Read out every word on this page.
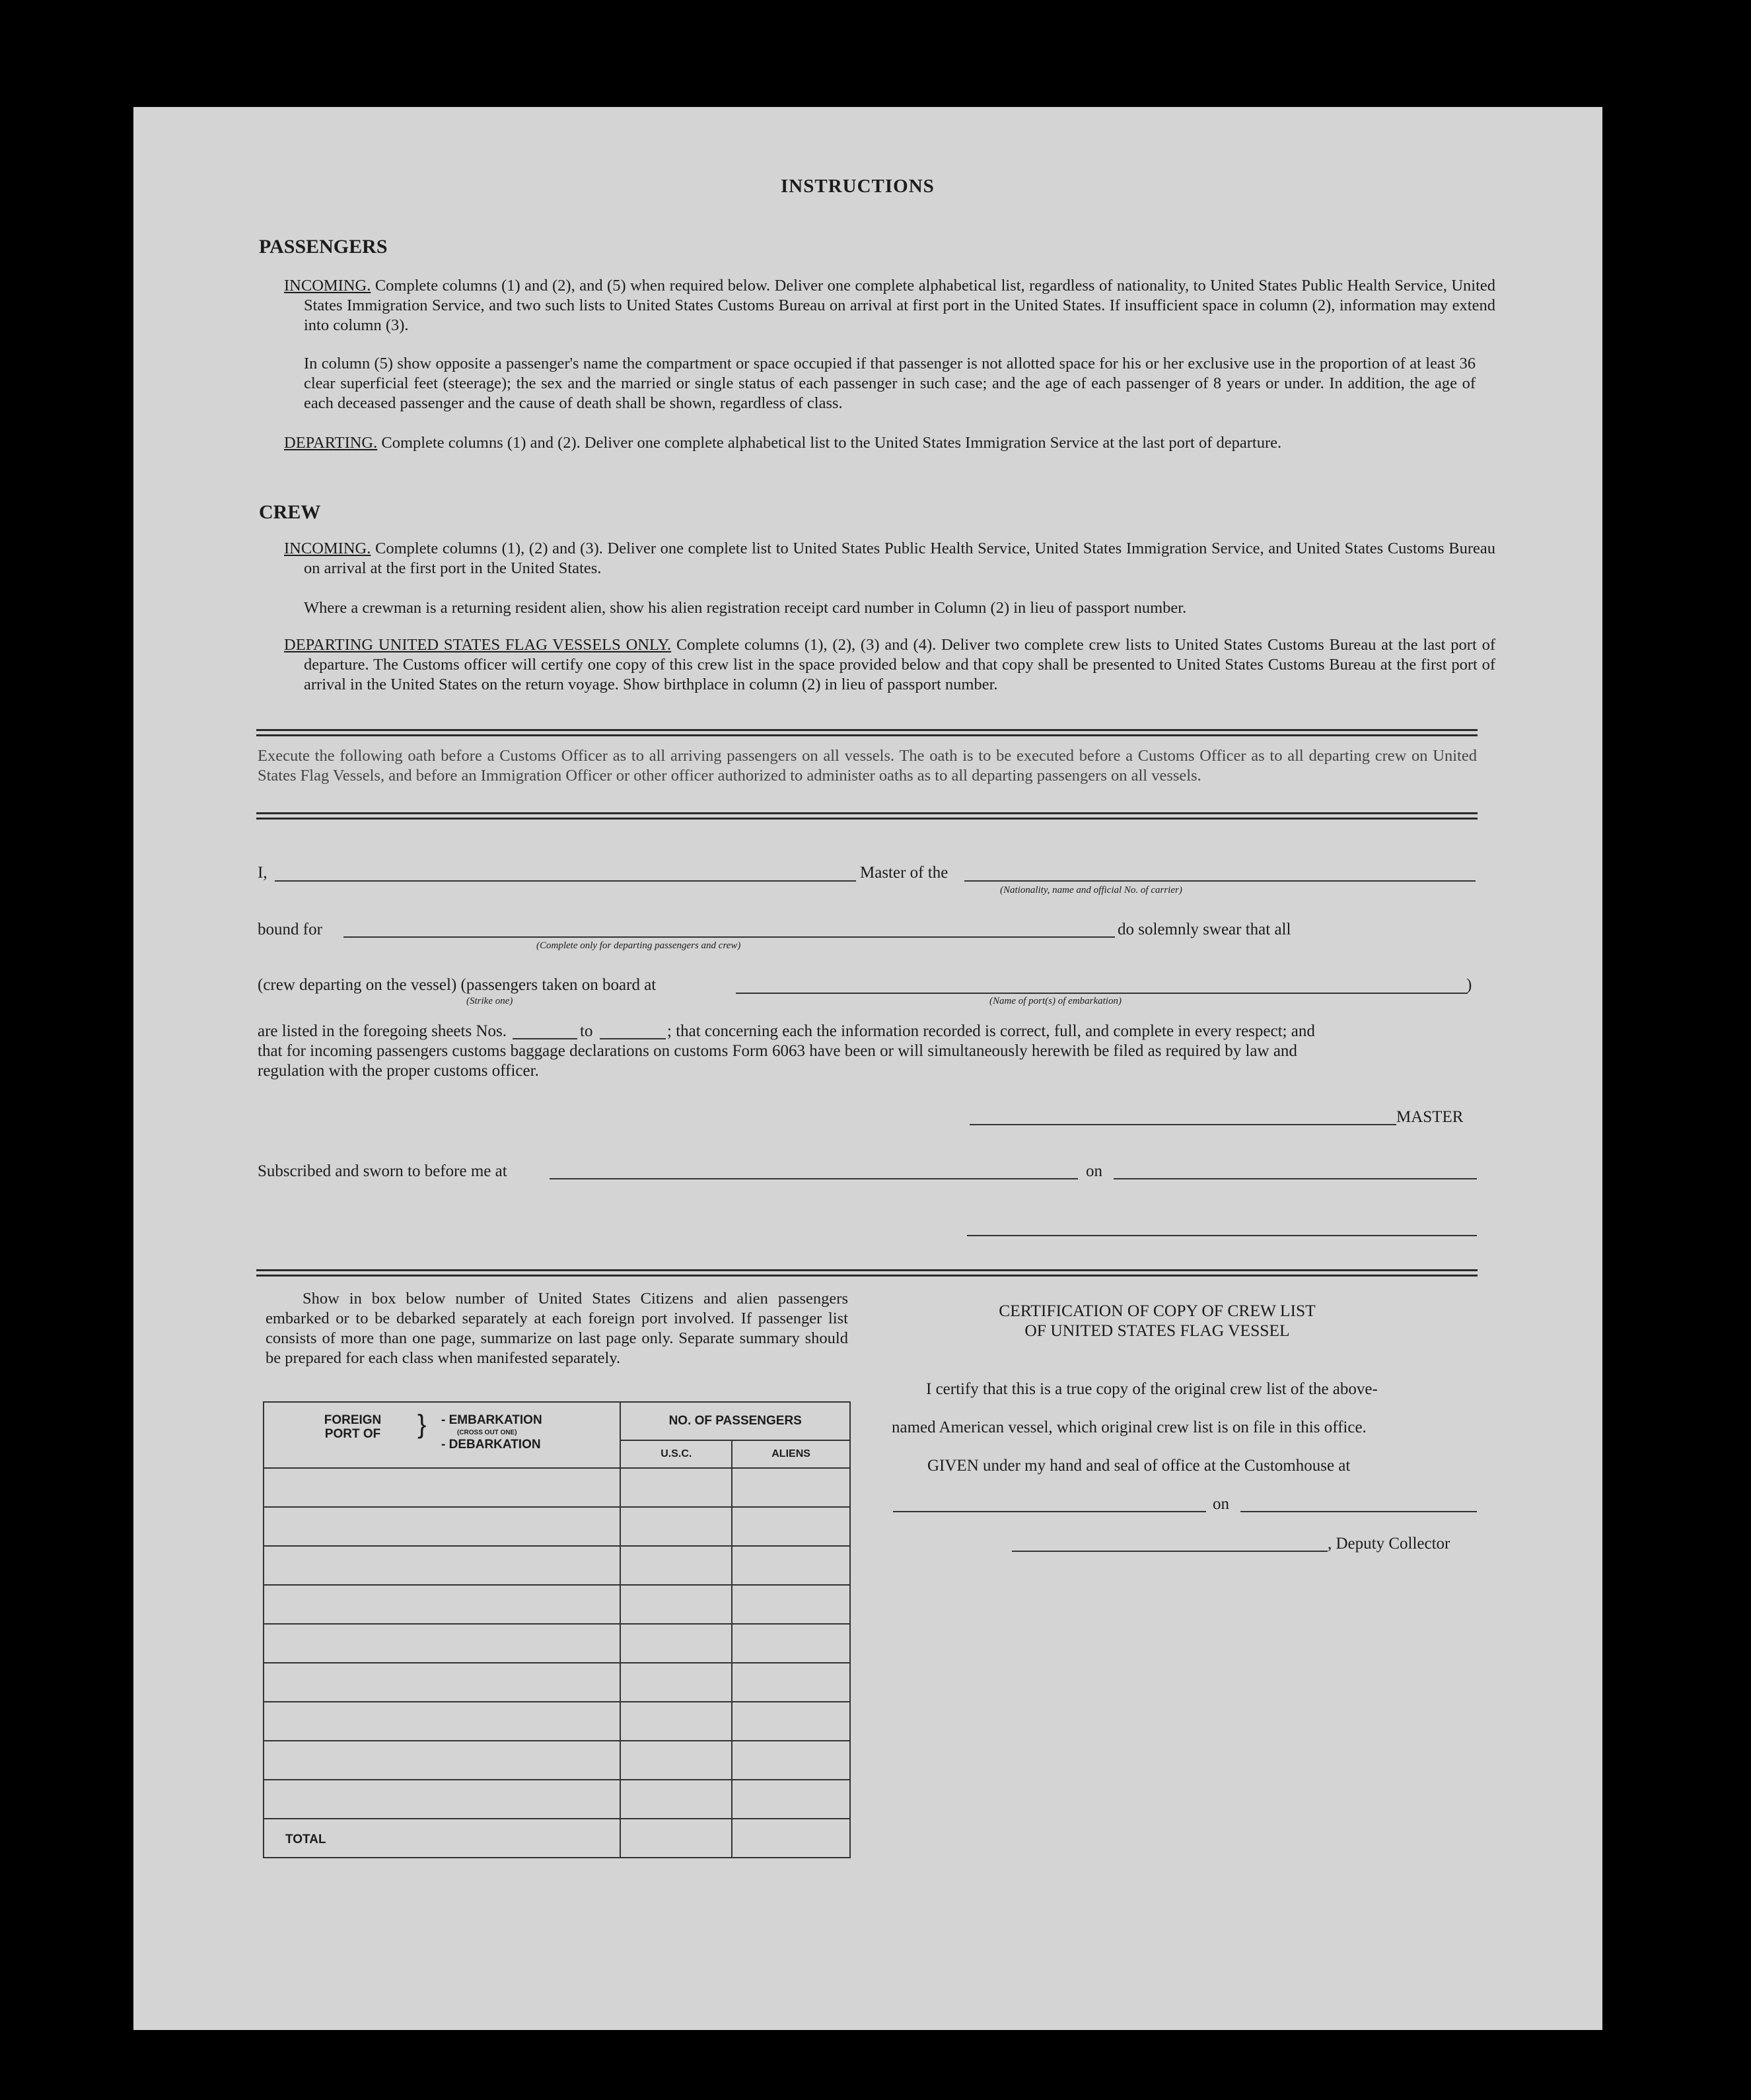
INSTRUCTIONS
PASSENGERS
INCOMING. Complete columns (1) and (2), and (5) when required below. Deliver one complete alphabetical list, regardless of nationality, to United States Public Health Service, United States Immigration Service, and two such lists to United States Customs Bureau on arrival at first port in the United States. If insufficient space in column (2), information may extend into column (3).
In column (5) show opposite a passenger's name the compartment or space occupied if that passenger is not allotted space for his or her exclusive use in the proportion of at least 36 clear superficial feet (steerage); the sex and the married or single status of each passenger in such case; and the age of each passenger of 8 years or under. In addition, the age of each deceased passenger and the cause of death shall be shown, regardless of class.
DEPARTING. Complete columns (1) and (2). Deliver one complete alphabetical list to the United States Immigration Service at the last port of departure.
CREW
INCOMING. Complete columns (1), (2) and (3). Deliver one complete list to United States Public Health Service, United States Immigration Service, and United States Customs Bureau on arrival at the first port in the United States.
Where a crewman is a returning resident alien, show his alien registration receipt card number in Column (2) in lieu of passport number.
DEPARTING UNITED STATES FLAG VESSELS ONLY. Complete columns (1), (2), (3) and (4). Deliver two complete crew lists to United States Customs Bureau at the last port of departure. The Customs officer will certify one copy of this crew list in the space provided below and that copy shall be presented to United States Customs Bureau at the first port of arrival in the United States on the return voyage. Show birthplace in column (2) in lieu of passport number.
Execute the following oath before a Customs Officer as to all arriving passengers on all vessels. The oath is to be executed before a Customs Officer as to all departing crew on United States Flag Vessels, and before an Immigration Officer or other officer authorized to administer oaths as to all departing passengers on all vessels.
I,	Master of the
(Nationality, name and official No. of carrier)
bound for
(Complete only for departing passengers and crew)
do solemnly swear that all
(crew departing on the vessel) (passengers taken on board at	)
(Strike one)	(Name of port(s) of embarkation)
are listed in the foregoing sheets Nos.	to	; that concerning each the information recorded is correct, full, and complete in every respect; and
that for incoming passengers customs baggage declarations on customs Form 6063 have been or will simultaneously herewith be filed as required by law and
regulation with the proper customs officer.
MASTER
Subscribed and sworn to before me at	on
Show in box below number of United States Citizens and alien passengers embarked or to be debarked separately at each foreign port involved. If passenger list consists of more than one page, summarize on last page only. Separate summary should be prepared for each class when manifested separately.
FOREIGN PORT OF } - EMBARKATION
(CROSS OUT ONE)
- DEBARKATION	NO. OF PASSENGERS	
	U.S.C.	ALIENS

TOTAL		

CERTIFICATION OF COPY OF CREW LIST
OF UNITED STATES FLAG VESSEL
I certify that this is a true copy of the original crew list of the above-
named American vessel, which original crew list is on file in this office.
GIVEN under my hand and seal of office at the Customhouse at
on
, Deputy Collector
